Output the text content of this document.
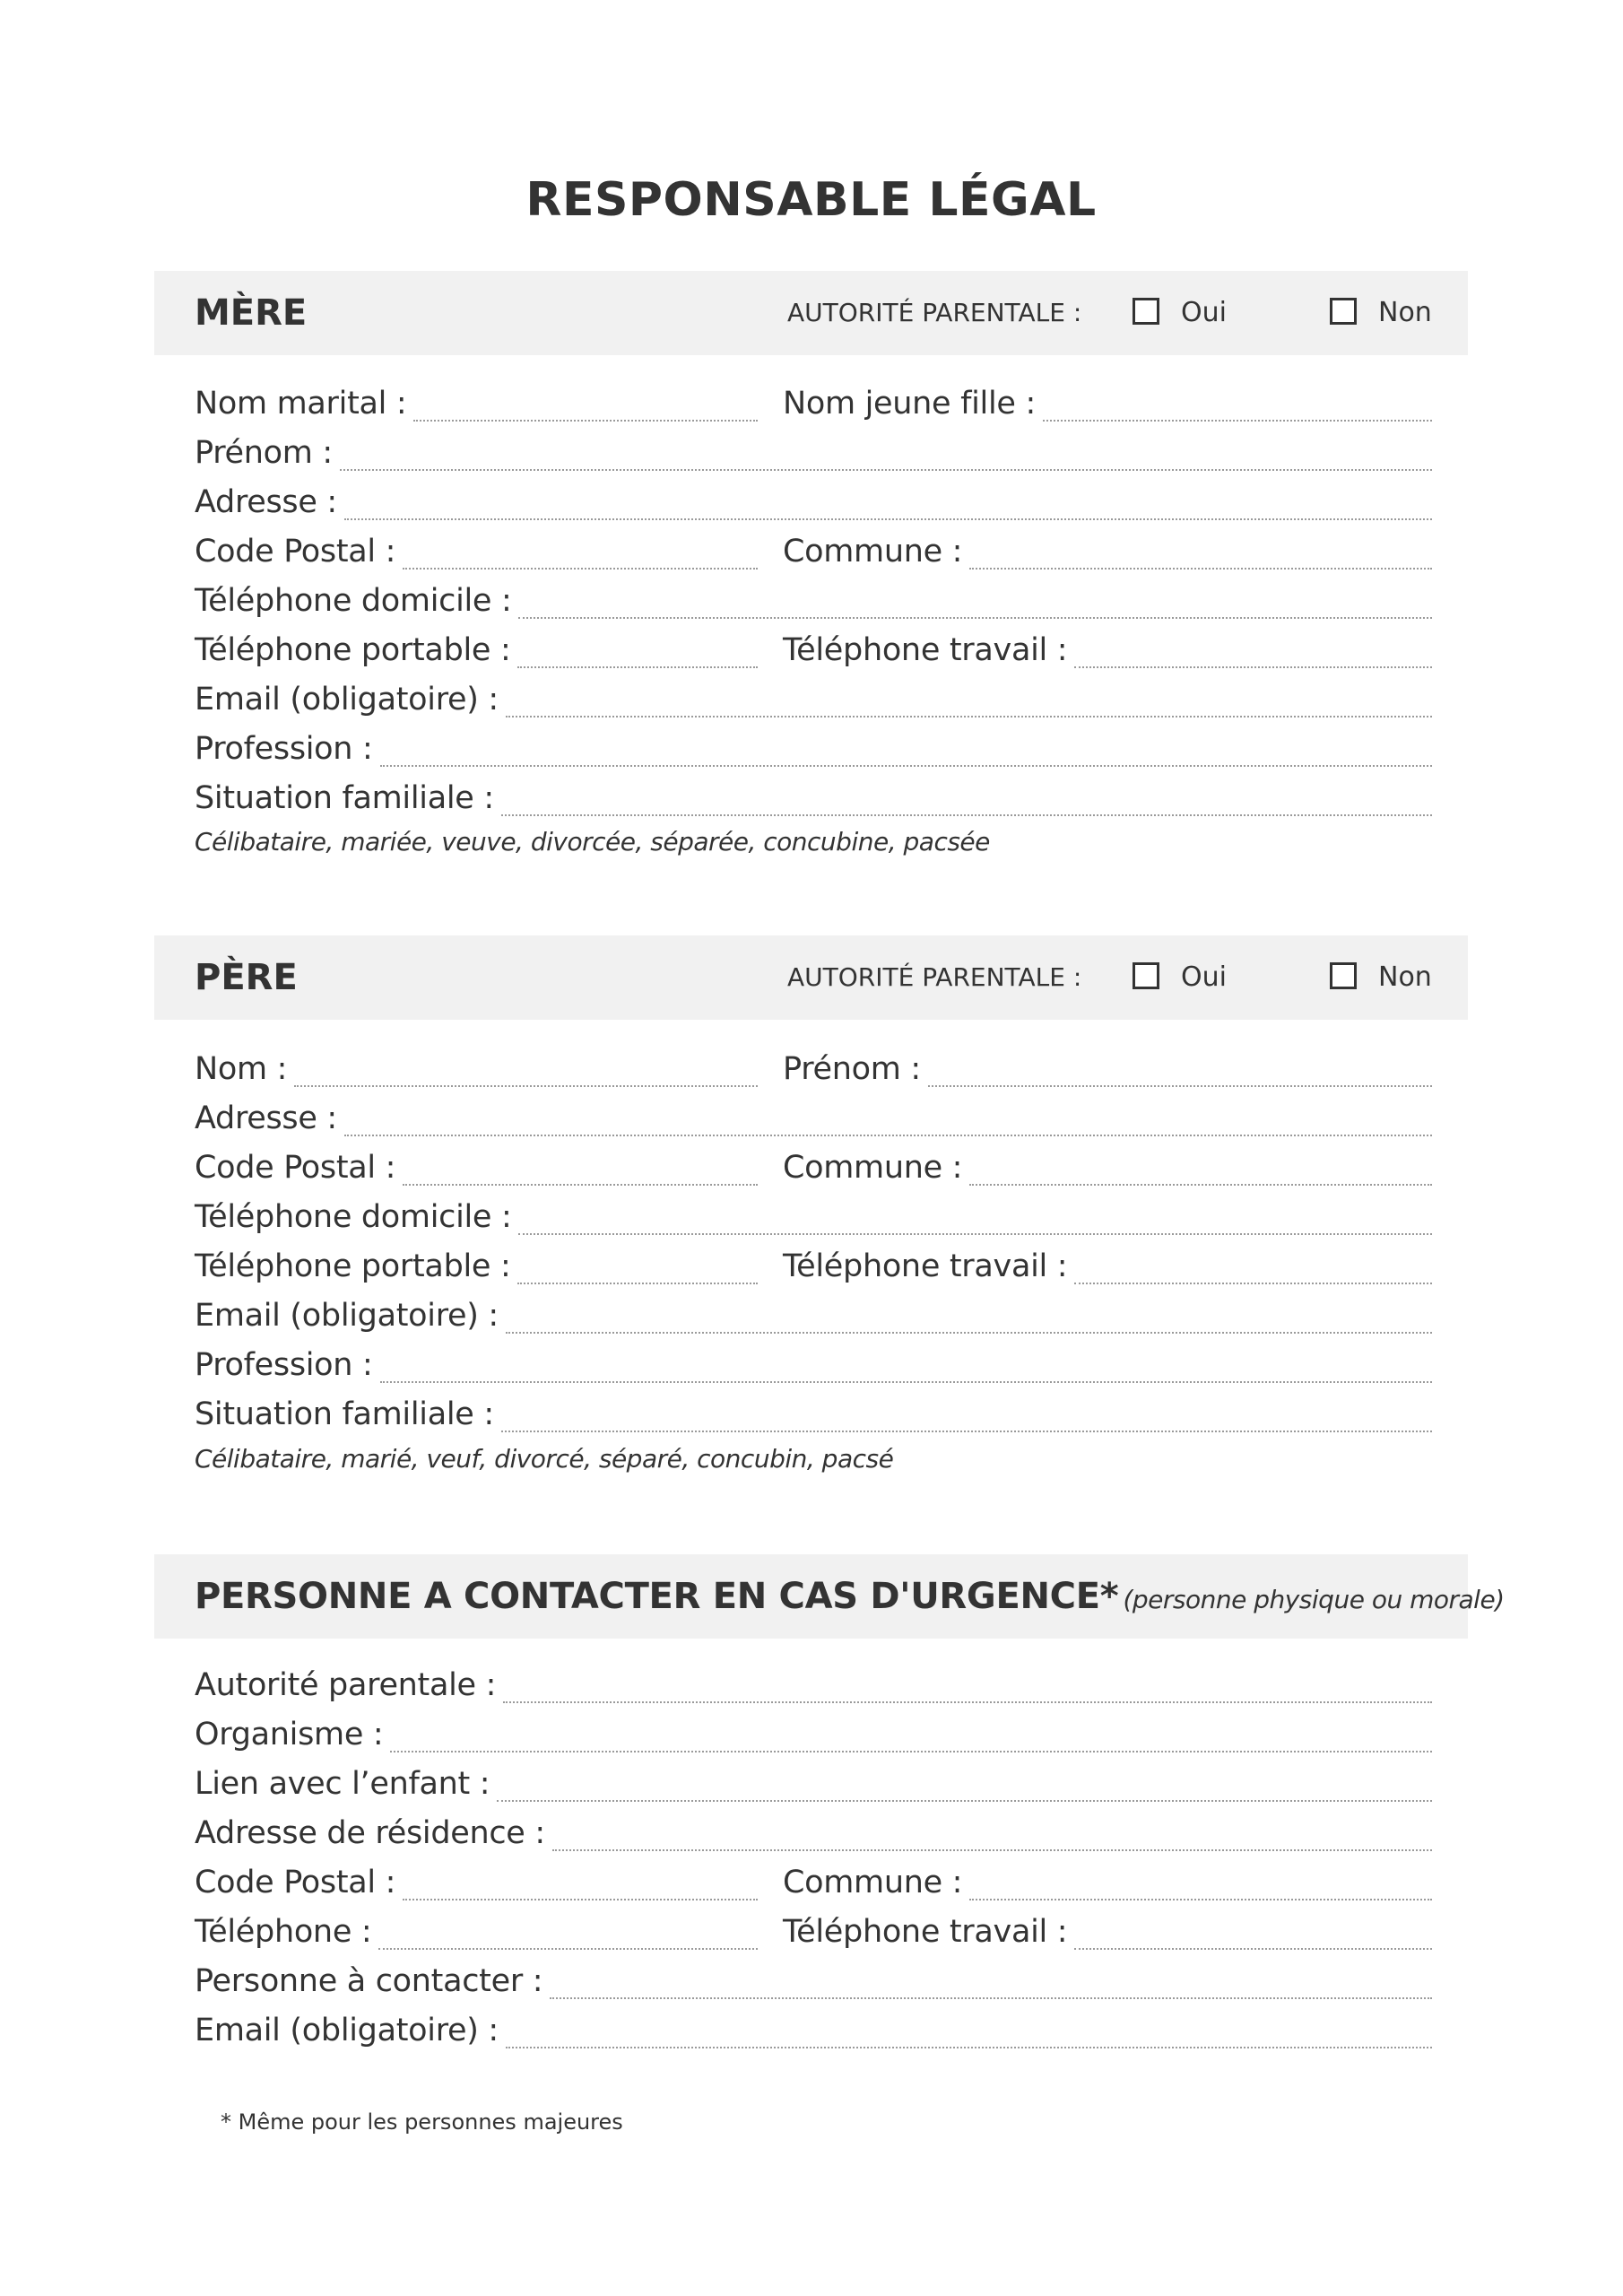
RESPONSABLE LÉGAL
MÈRE	AUTORITÉ PARENTALE :	Oui	Non
Nom marital :	Nom jeune fille :
Prénom :
Adresse :
Code Postal :	Commune :
Téléphone domicile :
Téléphone portable :	Téléphone travail :
Email (obligatoire) :
Profession :
Situation familiale :
Célibataire, mariée, veuve, divorcée, séparée, concubine, pacsée
PÈRE	AUTORITÉ PARENTALE :	Oui	Non
Nom :	Prénom :
Adresse :
Code Postal :	Commune :
Téléphone domicile :
Téléphone portable :	Téléphone travail :
Email (obligatoire) :
Profession :
Situation familiale :
Célibataire, marié, veuf, divorcé, séparé, concubin, pacsé
PERSONNE A CONTACTER EN CAS D'URGENCE* (personne physique ou morale)
Autorité parentale :
Organisme :
Lien avec l’enfant :
Adresse de résidence :
Code Postal :	Commune :
Téléphone :	Téléphone travail :
Personne à contacter :
Email (obligatoire) :
* Même pour les personnes majeures
